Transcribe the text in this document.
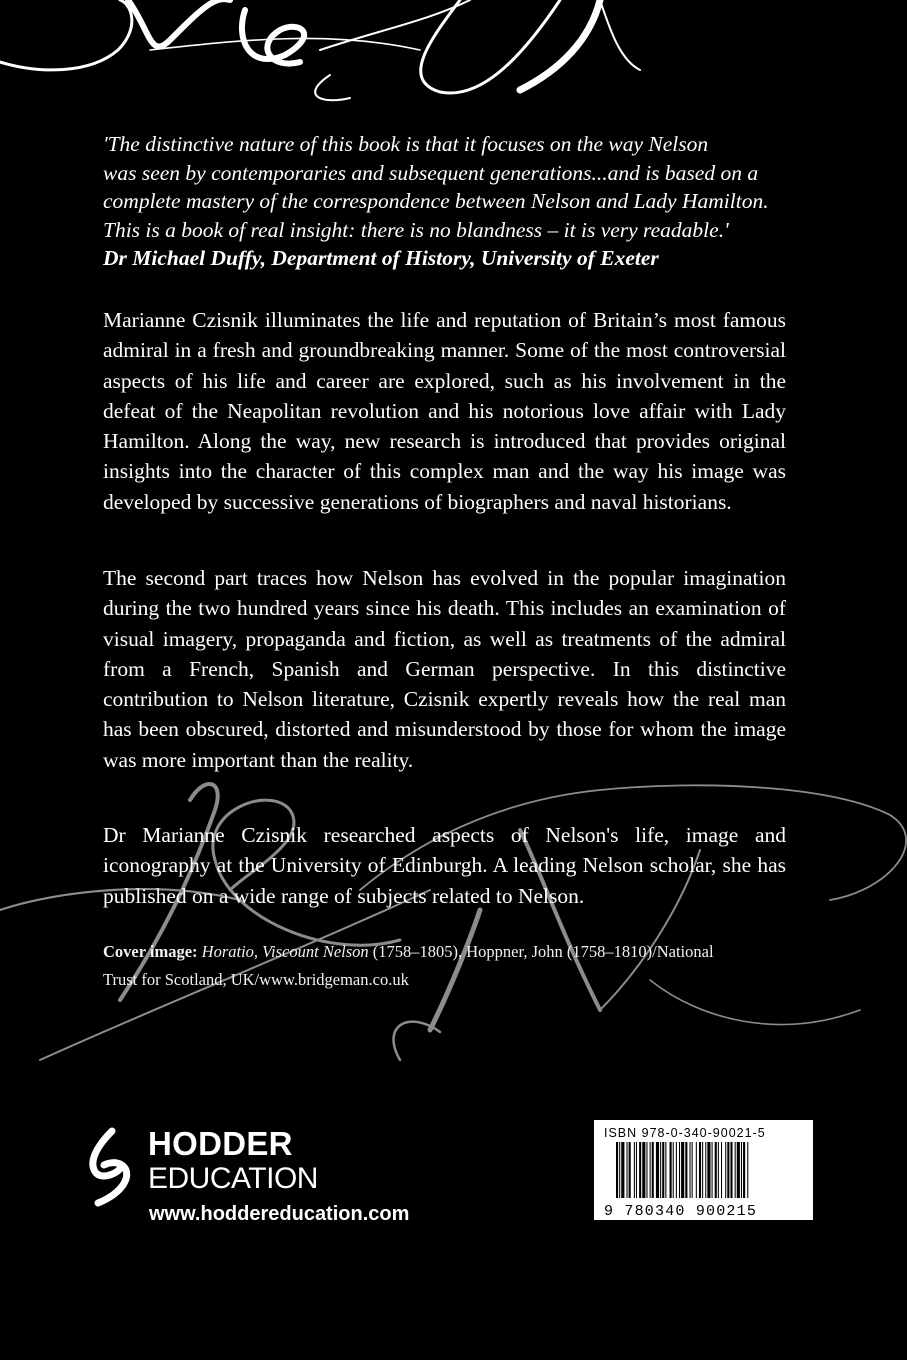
'The distinctive nature of this book is that it focuses on the way Nelson

was seen by contemporaries and subsequent generations...and is based on a

complete mastery of the correspondence between Nelson and Lady Hamilton.

This is a book of real insight: there is no blandness – it is very readable.'

Dr Michael Duffy, Department of History, University of Exeter

Marianne Czisnik illuminates the life and reputation of Britain’s most famous admiral in a fresh and groundbreaking manner. Some of the most controversial aspects of his life and career are explored, such as his involvement in the defeat of the Neapolitan revolution and his notorious love affair with Lady Hamilton. Along the way, new research is introduced that provides original insights into the character of this complex man and the way his image was developed by successive generations of biographers and naval historians.
The second part traces how Nelson has evolved in the popular imagination during the two hundred years since his death. This includes an examination of visual imagery, propaganda and fiction, as well as treatments of the admiral from a French, Spanish and German perspective. In this distinctive contribution to Nelson literature, Czisnik expertly reveals how the real man has been obscured, distorted and misunderstood by those for whom the image was more important than the reality.
Dr Marianne Czisnik researched aspects of Nelson's life, image and iconography at the University of Edinburgh. A leading Nelson scholar, she has published on a wide range of subjects related to Nelson.
Cover image: Horatio, Viscount Nelson (1758–1805), Hoppner, John (1758–1810)/National
Trust for Scotland, UK/www.bridgeman.co.uk
HODDER
EDUCATION
www.hoddereducation.com
ISBN 978-0-340-90021-5
9 780340 900215
